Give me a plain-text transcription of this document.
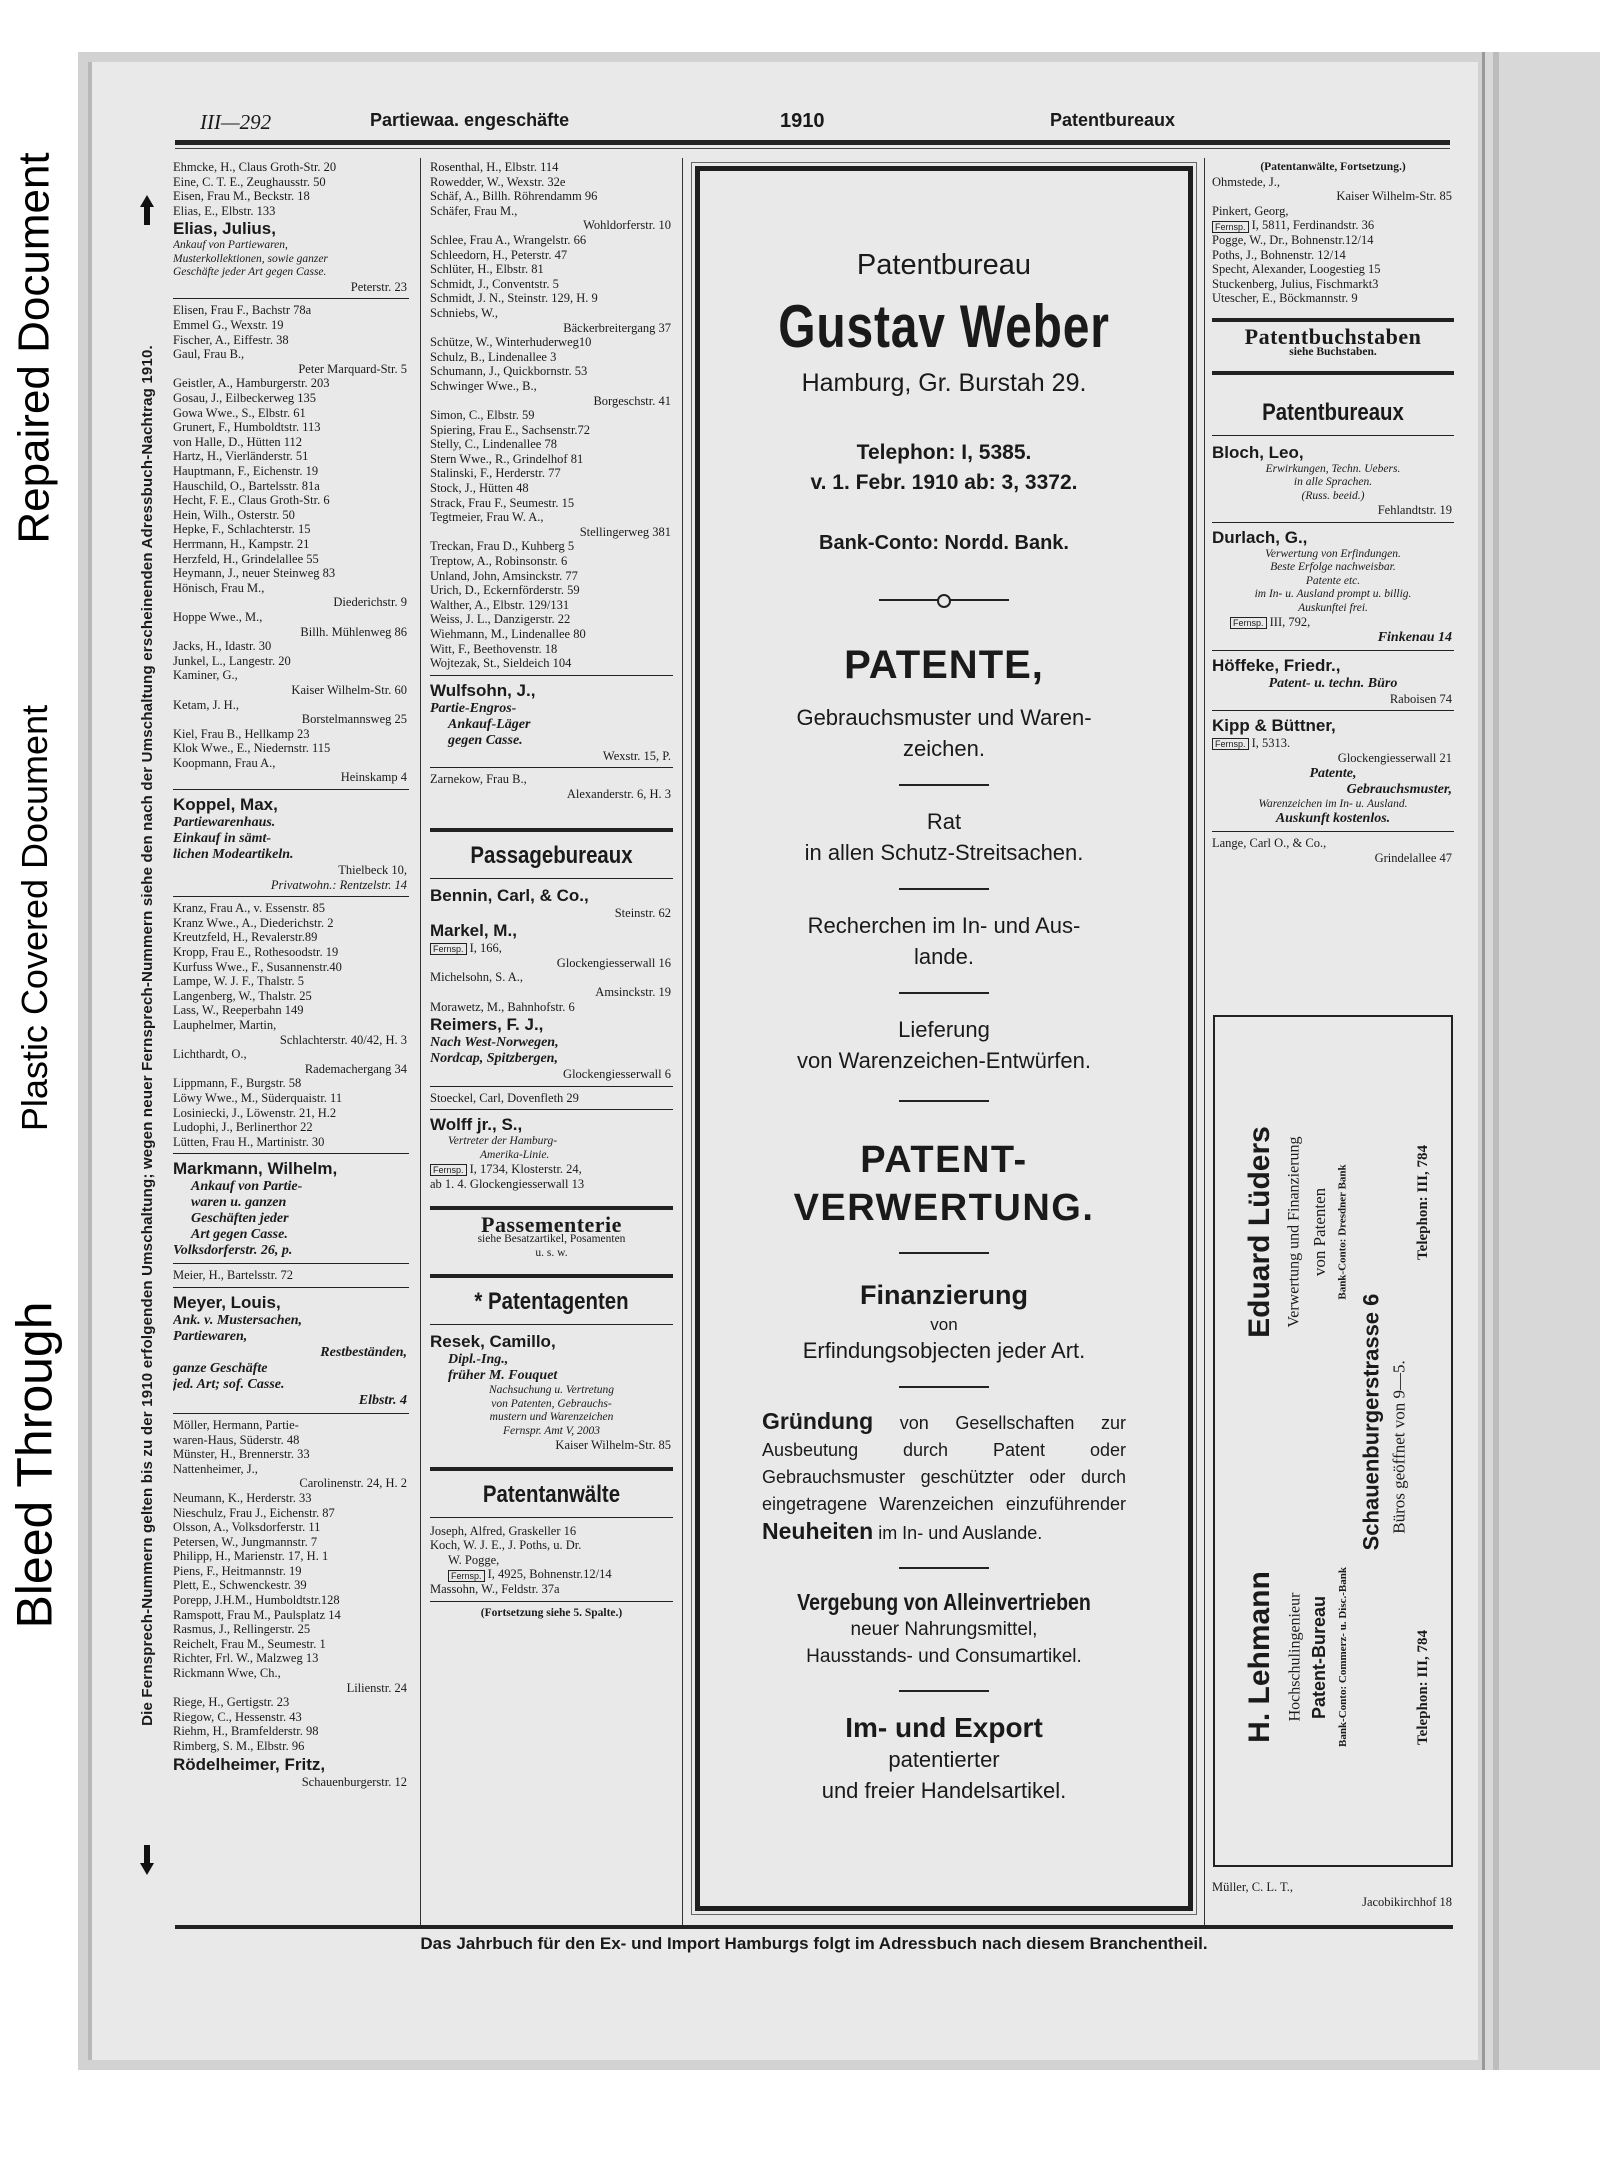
Repaired Document
Plastic Covered Document
Bleed Through
III—292	Partiewaa. engeschäfte	1910	Patentbureaux
Die Fernsprech-Nummern gelten bis zu der 1910 erfolgenden Umschaltung; wegen neuer Fernsprech-Nummern siehe den nach der Umschaltung erscheinenden Adressbuch-Nachtrag 1910.
Ehmcke, H., Claus Groth-Str. 20
Eine, C. T. E., Zeughausstr. 50
Eisen, Frau M., Beckstr. 18
Elias, E., Elbstr. 133
Elias, Julius,
Ankauf von Partiewaren,
Musterkollektionen, sowie ganzer
Geschäfte jeder Art gegen Casse.
Peterstr. 23
Elisen, Frau F., Bachstr 78a
Emmel G., Wexstr. 19
Fischer, A., Eiffestr. 38
Gaul, Frau B.,
Peter Marquard-Str. 5
Geistler, A., Hamburgerstr. 203
Gosau, J., Eilbeckerweg 135
Gowa Wwe., S., Elbstr. 61
Grunert, F., Humboldtstr. 113
von Halle, D., Hütten 112
Hartz, H., Vierländerstr. 51
Hauptmann, F., Eichenstr. 19
Hauschild, O., Bartelsstr. 81a
Hecht, F. E., Claus Groth-Str. 6
Hein, Wilh., Osterstr. 50
Hepke, F., Schlachterstr. 15
Herrmann, H., Kampstr. 21
Herzfeld, H., Grindelallee 55
Heymann, J., neuer Steinweg 83
Hönisch, Frau M.,
Diederichstr. 9
Hoppe Wwe., M.,
Billh. Mühlenweg 86
Jacks, H., Idastr. 30
Junkel, L., Langestr. 20
Kaminer, G.,
Kaiser Wilhelm-Str. 60
Ketam, J. H.,
Borstelmannsweg 25
Kiel, Frau B., Hellkamp 23
Klok Wwe., E., Niedernstr. 115
Koopmann, Frau A.,
Heinskamp 4
Koppel, Max,
Partiewarenhaus.
Einkauf in sämt-
lichen Modeartikeln.
Thielbeck 10,
Privatwohn.: Rentzelstr. 14
Kranz, Frau A., v. Essenstr. 85
Kranz Wwe., A., Diederichstr. 2
Kreutzfeld, H., Revalerstr.89
Kropp, Frau E., Rothesoodstr. 19
Kurfuss Wwe., F., Susannenstr.40
Lampe, W. J. F., Thalstr. 5
Langenberg, W., Thalstr. 25
Lass, W., Reeperbahn 149
Lauphelmer, Martin,
Schlachterstr. 40/42, H. 3
Lichthardt, O.,
Rademachergang 34
Lippmann, F., Burgstr. 58
Löwy Wwe., M., Süderquaistr. 11
Losiniecki, J., Löwenstr. 21, H.2
Ludophi, J., Berlinerthor 22
Lütten, Frau H., Martinistr. 30
Markmann, Wilhelm,
Ankauf von Partie-
waren u. ganzen
Geschäften jeder
Art gegen Casse.
Volksdorferstr. 26, p.
Meier, H., Bartelsstr. 72
Meyer, Louis,
Ank. v. Mustersachen,
Partiewaren,
Restbeständen,
ganze Geschäfte
jed. Art; sof. Casse.
Elbstr. 4
Möller, Hermann, Partie-
waren-Haus, Süderstr. 48
Münster, H., Brennerstr. 33
Nattenheimer, J.,
Carolinenstr. 24, H. 2
Neumann, K., Herderstr. 33
Nieschulz, Frau J., Eichenstr. 87
Olsson, A., Volksdorferstr. 11
Petersen, W., Jungmannstr. 7
Philipp, H., Marienstr. 17, H. 1
Piens, F., Heitmannstr. 19
Plett, E., Schwenckestr. 39
Porepp, J.H.M., Humboldtstr.128
Ramspott, Frau M., Paulsplatz 14
Rasmus, J., Rellingerstr. 25
Reichelt, Frau M., Seumestr. 1
Richter, Frl. W., Malzweg 13
Rickmann Wwe, Ch.,
Lilienstr. 24
Riege, H., Gertigstr. 23
Riegow, C., Hessenstr. 43
Riehm, H., Bramfelderstr. 98
Rimberg, S. M., Elbstr. 96
Rödelheimer, Fritz,
Schauenburgerstr. 12
Rosenthal, H., Elbstr. 114
Rowedder, W., Wexstr. 32e
Schäf, A., Billh. Röhrendamm 96
Schäfer, Frau M.,
Wohldorferstr. 10
Schlee, Frau A., Wrangelstr. 66
Schleedorn, H., Peterstr. 47
Schlüter, H., Elbstr. 81
Schmidt, J., Conventstr. 5
Schmidt, J. N., Steinstr. 129, H. 9
Schniebs, W.,
Bäckerbreitergang 37
Schütze, W., Winterhuderweg10
Schulz, B., Lindenallee 3
Schumann, J., Quickbornstr. 53
Schwinger Wwe., B.,
Borgeschstr. 41
Simon, C., Elbstr. 59
Spiering, Frau E., Sachsenstr.72
Stelly, C., Lindenallee 78
Stern Wwe., R., Grindelhof 81
Stalinski, F., Herderstr. 77
Stock, J., Hütten 48
Strack, Frau F., Seumestr. 15
Tegtmeier, Frau W. A.,
Stellingerweg 381
Treckan, Frau D., Kuhberg 5
Treptow, A., Robinsonstr. 6
Unland, John, Amsinckstr. 77
Urich, D., Eckernförderstr. 59
Walther, A., Elbstr. 129/131
Weiss, J. L., Danzigerstr. 22
Wiehmann, M., Lindenallee 80
Witt, F., Beethovenstr. 18
Wojtezak, St., Sieldeich 104
Wulfsohn, J.,
Partie-Engros-
Ankauf-Läger
gegen Casse.
Wexstr. 15, P.
Zarnekow, Frau B.,
Alexanderstr. 6, H. 3
Passagebureaux
Bennin, Carl, & Co.,
Steinstr. 62
Markel, M.,
Fernsp. I, 166,
Glockengiesserwall 16
Michelsohn, S. A.,
Amsinckstr. 19
Morawetz, M., Bahnhofstr. 6
Reimers, F. J.,
Nach West-Norwegen,
Nordcap, Spitzbergen,
Glockengiesserwall 6
Stoeckel, Carl, Dovenfleth 29
Wolff jr., S.,
Vertreter der Hamburg-
Amerika-Linie.
Fernsp. I, 1734, Klosterstr. 24,
ab 1. 4. Glockengiesserwall 13
Passementerie
siehe Besatzartikel, Posamenten
u. s. w.
* Patentagenten
Resek, Camillo,
Dipl.-Ing.,
früher M. Fouquet
Nachsuchung u. Vertretung
von Patenten, Gebrauchs-
mustern und Warenzeichen
Fernspr. Amt V, 2003
Kaiser Wilhelm-Str. 85
Patentanwälte
Joseph, Alfred, Graskeller 16
Koch, W. J. E., J. Poths, u. Dr.
W. Pogge,
Fernsp. I, 4925, Bohnenstr.12/14
Massohn, W., Feldstr. 37a
(Fortsetzung siehe 5. Spalte.)
Patentbureau
Gustav Weber
Hamburg, Gr. Burstah 29.
Telephon: I, 5385.
v. 1. Febr. 1910 ab: 3, 3372.
Bank-Conto: Nordd. Bank.
PATENTE,
Gebrauchsmuster und Waren-
zeichen.
Rat
in allen Schutz-Streitsachen.
Recherchen im In- und Aus-
lande.
Lieferung
von Warenzeichen-Entwürfen.
PATENT-
VERWERTUNG.
Finanzierung
von
Erfindungsobjecten jeder Art.
Gründung von Gesellschaften zur Ausbeutung durch Patent oder Gebrauchsmuster geschützter oder durch eingetragene Warenzeichen einzuführender Neuheiten im In- und Auslande.
Vergebung von Alleinvertrieben
neuer Nahrungsmittel,
Hausstands- und Consumartikel.
Im- und Export
patentierter
und freier Handelsartikel.
(Patentanwälte, Fortsetzung.)
Ohmstede, J.,
Kaiser Wilhelm-Str. 85
Pinkert, Georg,
Fernsp. I, 5811, Ferdinandstr. 36
Pogge, W., Dr., Bohnenstr.12/14
Poths, J., Bohnenstr. 12/14
Specht, Alexander, Loogestieg 15
Stuckenberg, Julius, Fischmarkt3
Utescher, E., Böckmannstr. 9
Patentbuchstaben
siehe Buchstaben.
Patentbureaux
Bloch, Leo,
Erwirkungen, Techn. Uebers.
in alle Sprachen.
(Russ. beeid.)
Fehlandtstr. 19
Durlach, G.,
Verwertung von Erfindungen.
Beste Erfolge nachweisbar.
Patente etc.
im In- u. Ausland prompt u. billig.
Auskunftei frei.
Fernsp. III, 792,
Finkenau 14
Höffeke, Friedr.,
Patent- u. techn. Büro
Raboisen 74
Kipp & Büttner,
Fernsp. I, 5313.
Glockengiesserwall 21
Patente,
Gebrauchsmuster,
Warenzeichen im In- u. Ausland.
Auskunft kostenlos.
Lange, Carl O., & Co.,
Grindelallee 47
Eduard Lüders Verwertung und Finanzierung von Patenten Bank-Conto: Dresdner Bank	Telephon: III, 784
Schauenburgerstrasse 6 Büros geöffnet von 9—5.
H. Lehmann Hochschulingenieur Patent-Bureau Bank-Conto: Commerz- u. Disc.-Bank	Telephon: III, 784
Müller, C. L. T.,
Jacobikirchhof 18
Das Jahrbuch für den Ex- und Import Hamburgs folgt im Adressbuch nach diesem Branchentheil.
